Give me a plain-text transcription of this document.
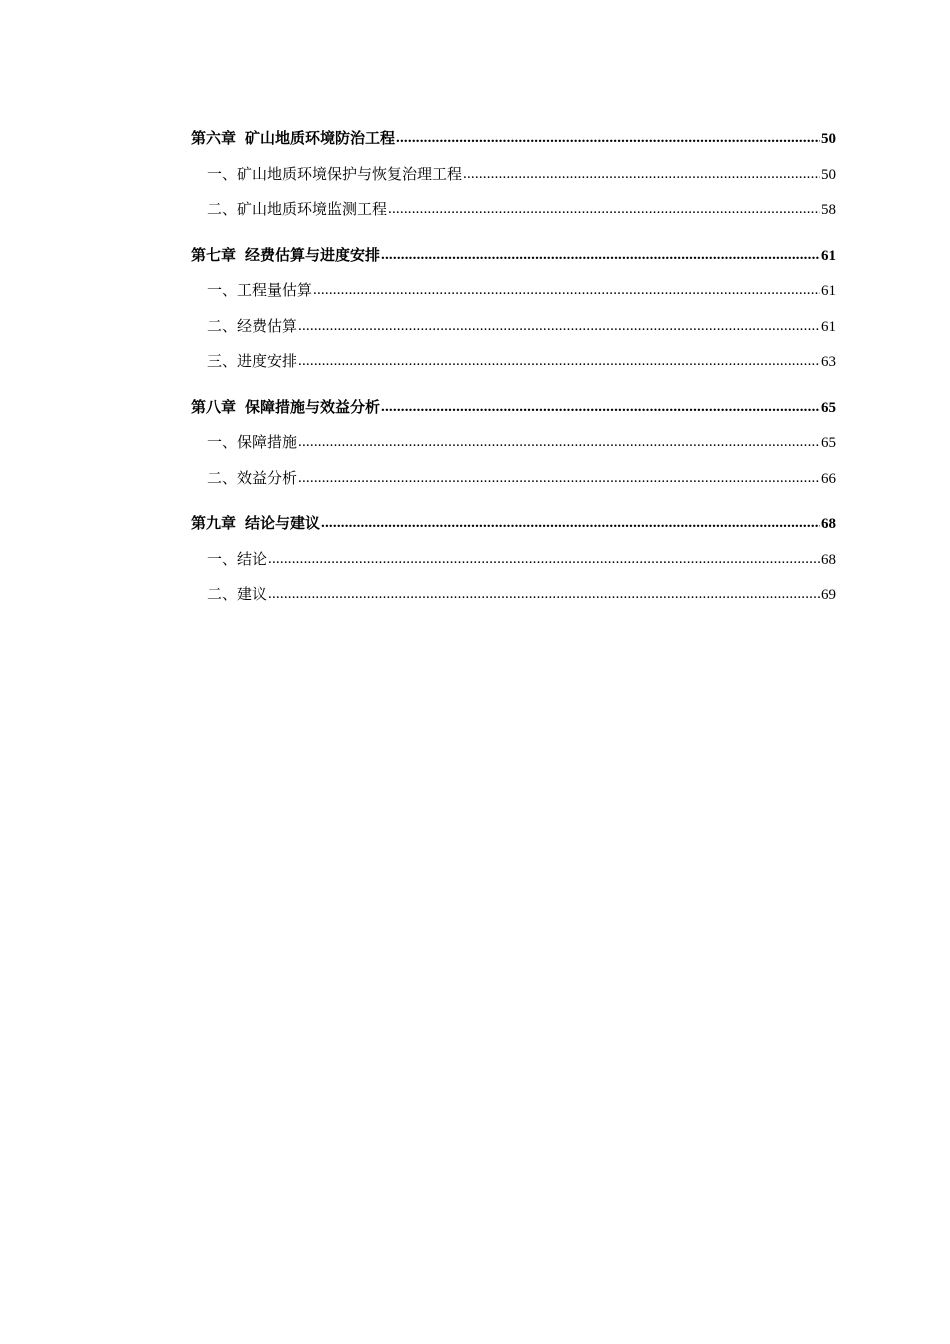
第六章 矿山地质环境防治工程 .....	50
一、矿山地质环境保护与恢复治理工程 .....	50
二、矿山地质环境监测工程 .....	58
第七章 经费估算与进度安排 .....	61
一、工程量估算 .....	61
二、经费估算 .....	61
三、进度安排 .....	63
第八章 保障措施与效益分析 .....	65
一、保障措施 .....	65
二、效益分析 .....	66
第九章 结论与建议 .....	68
一、结论 .....	68
二、建议 .....	69
